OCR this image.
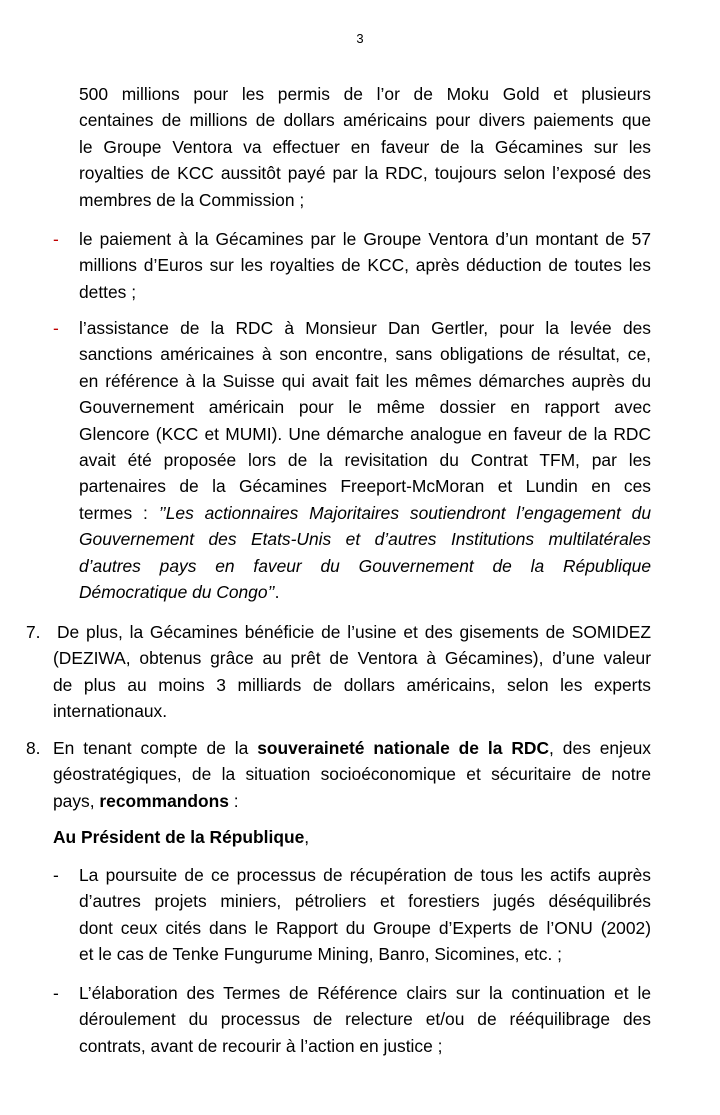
3
500 millions pour les permis de l’or de Moku Gold et plusieurs
centaines de millions de dollars américains pour divers paiements que
le Groupe Ventora va effectuer en faveur de la Gécamines sur les
royalties de KCC aussitôt payé par la RDC, toujours selon l’exposé des
membres de la Commission ;
- le paiement à la Gécamines par le Groupe Ventora d’un montant de 57
millions d’Euros sur les royalties de KCC, après déduction de toutes les
dettes ;
- l’assistance de la RDC à Monsieur Dan Gertler, pour la levée des
sanctions américaines à son encontre, sans obligations de résultat, ce,
en référence à la Suisse qui avait fait les mêmes démarches auprès du
Gouvernement américain pour le même dossier en rapport avec
Glencore (KCC et MUMI). Une démarche analogue en faveur de la RDC
avait été proposée lors de la revisitation du Contrat TFM, par les
partenaires de la Gécamines Freeport-McMoran et Lundin en ces
termes : ’’Les actionnaires Majoritaires soutiendront l’engagement du
Gouvernement des Etats-Unis et d’autres Institutions multilatérales
d’autres pays en faveur du Gouvernement de la République
Démocratique du Congo’’.
7. De plus, la Gécamines bénéficie de l’usine et des gisements de SOMIDEZ
(DEZIWA, obtenus grâce au prêt de Ventora à Gécamines), d’une valeur
de plus au moins 3 milliards de dollars américains, selon les experts
internationaux.
8. En tenant compte de la souveraineté nationale de la RDC, des enjeux
géostratégiques, de la situation socioéconomique et sécuritaire de notre
pays, recommandons :
Au Président de la République,
- La poursuite de ce processus de récupération de tous les actifs auprès
d’autres projets miniers, pétroliers et forestiers jugés déséquilibrés
dont ceux cités dans le Rapport du Groupe d’Experts de l’ONU (2002)
et le cas de Tenke Fungurume Mining, Banro, Sicomines, etc. ;
- L’élaboration des Termes de Référence clairs sur la continuation et le
déroulement du processus de relecture et/ou de rééquilibrage des
contrats, avant de recourir à l’action en justice ;
